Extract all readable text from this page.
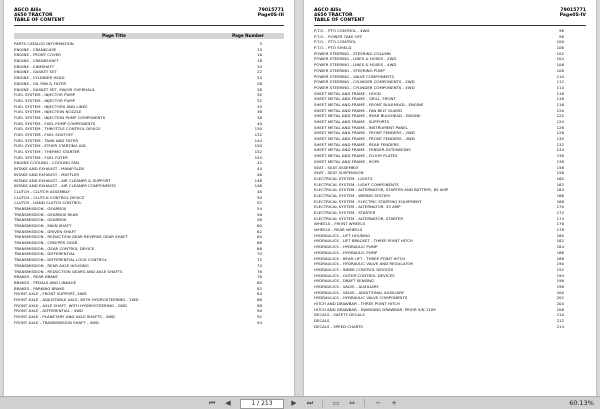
AGCO Allis	79015771
4650 TRACTOR	Page0S-III
TABLE OF CONTENT
Page Title	Page Number
PARTS CATALOG INFORMATION	3
ENGINE - CRANKCASE	14
ENGINE - FRONT COVER	16
ENGINE - CRANKSHAFT	18
ENGINE - CAMSHAFT	20
ENGINE - GASKET SET	22
ENGINE - CYLINDER HEAD	24
ENGINE - OIL PAN & FILTER	26
ENGINE - GASKET SET, MAJOR OVERHAUL	28
FUEL SYSTEM - INJECTOR PUMP	30
FUEL SYSTEM - INJECTOR PUMP	32
FUEL SYSTEM - INJECTORS AND LINES	34
FUEL SYSTEM - INJECTION NOZZLE	36
FUEL SYSTEM - INJECTION PUMP COMPONENTS	38
FUEL SYSTEM - FUEL PUMP COMPONENTS	40
FUEL SYSTEM - THROTTLE CONTROL DEVICE	130
FUEL SYSTEM - FUEL SHUTOFF	132
FUEL SYSTEM - TANK AND FILTER	144
FUEL SYSTEM - ETHER STARTING AID	150
FUEL SYSTEM - THERMO STARTER	152
FUEL SYSTEM - FUEL FILTER	154
ENGINE COOLING - COOLING FAN	42
INTAKE AND EXHAUST - MANIFOLDS	44
INTAKE AND EXHAUST - MUFFLER	46
INTAKE AND EXHAUST - AIR CLEANER & SUPPORT	148
INTAKE AND EXHAUST - AIR CLEANER COMPONENTS	146
CLUTCH - CLUTCH ASSEMBLY	48
CLUTCH - CLUTCH CONTROL DEVICE	50
CLUTCH - HAND CLUTCH CONTROL	52
TRANSMISSION - GEARBOX	54
TRANSMISSION - GEARBOX REAR	56
TRANSMISSION - GEARBOX	58
TRANSMISSION - MAIN SHAFT	60
TRANSMISSION - DRIVEN SHAFT	62
TRANSMISSION - REDUCTION GEAR REVERSE GEAR SHAFT	64
TRANSMISSION - CREEPER GEAR	66
TRANSMISSION - GEAR CONTROL DEVICE	68
TRANSMISSION - DIFFERENTIAL	70
TRANSMISSION - DIFFERENTIAL LOCK CONTROL	72
TRANSMISSION - REAR AXLE HOUSING	74
TRANSMISSION - REDUCTION GEARS AND AXLE SHAFTS	76
BRAKES - REAR BRAKE	78
BRAKES - PEDALS AND LINKAGE	80
BRAKES - PARKING BRAKE	82
FRONT AXLE - FRONT SUPPORT, 4WD	84
FRONT AXLE - ADJUSTABLE AXLE, WITH HYDROSTEERING - 2WD	86
FRONT AXLE - AXLE SHAFT, WITH HYDROSTEERING - 2WD	88
FRONT AXLE - DIFFERENTIAL - 4WD	90
FRONT AXLE - PLANETARY AND AXLE SHAFTS - 4WD	92
FRONT AXLE - TRANSMISSION SHAFT - 4WD	94
AGCO Allis	79015771
4650 TRACTOR	Page0S-IV
TABLE OF CONTENT
P.T.O. - PTO CONTROL - 4WD	96
P.T.O. - POWER TAKE OFF	98
P.T.O. - PTO CONTROL	100
P.T.O. - PTO SHIELD	106
POWER STEERING - STEERING COLUMN	102
POWER STEERING - LINES & HOSES - 2WD	104
POWER STEERING - LINES & HOSES - 4WD	106
POWER STEERING - STEERING PUMP	108
POWER STEERING - VALVE COMPONENTS	110
POWER STEERING - CYLINDER COMPONENTS - 2WD	112
POWER STEERING - CYLINDER COMPONENTS - 4WD	114
SHEET METAL AND FRAME - HOOD	116
SHEET METAL AND FRAME - GRILL, FRONT	118
SHEET METAL AND FRAME - FRONT BULKHEAD - ENGINE	116
SHEET METAL AND FRAME - FAN BELT GUARD	120
SHEET METAL AND FRAME - REAR BULKHEAD - ENGINE	122
SHEET METAL AND FRAME - SUPPORTS	124
SHEET METAL AND FRAME - INSTRUMENT PANEL	126
SHEET METAL AND FRAME - FRONT FENDERS - 2WD	128
SHEET METAL AND FRAME - FRONT FENDERS - 4WD	130
SHEET METAL AND FRAME - REAR FENDERS	132
SHEET METAL AND FRAME - FENDER EXTENSIONS	134
SHEET METAL AND FRAME - FLOOR PLATES	136
SHEET METAL AND FRAME - ROPS	138
SEAT - SEAT ASSEMBLY	156
SEAT - SEAT SUSPENSION	158
ELECTRICAL SYSTEM - LIGHTS	160
ELECTRICAL SYSTEM - LIGHT COMPONENTS	162
ELECTRICAL SYSTEM - ALTERNATOR, STARTER AND BATTERY, 65 AMP	164
ELECTRICAL SYSTEM - WIRING SYSTEM	166
ELECTRICAL SYSTEM - ELECTRIC STARTING EQUIPMENT	168
ELECTRICAL SYSTEM - ALTERNATOR, 35 AMP	170
ELECTRICAL SYSTEM - STARTER	172
ELECTRICAL SYSTEM - ALTERNATOR, STARTER	174
WHEELS - FRONT WHEELS	176
WHEELS - REAR WHEELS	178
HYDRAULICS - LIFT HOUSING	180
HYDRAULICS - LIFT BRACKET - THREE POINT HITCH	182
HYDRAULICS - HYDRAULIC PUMP	184
HYDRAULICS - HYDRAULIC PUMP	186
HYDRAULICS - REAR LIFT - THREE POINT HITCH	188
HYDRAULICS - HYDRAULIC VALVE AND REGULATOR	190
HYDRAULICS - INNER CONTROL DEVICES	192
HYDRAULICS - OUTER CONTROL DEVICES	194
HYDRAULICS - DRAFT SENSING	196
HYDRAULICS - VALVE - AUXILIARY	198
HYDRAULICS - VALVE - ADDITIONAL AUXILIARY	200
HYDRAULICS - HYDRAULIC VALVE COMPONENTS	202
HITCH AND DRAWBAR - THREE POINT HITCH	204
HITCH AND DRAWBAR - SWINGING DRAWBAR, PRIOR S/N 1109	206
DECALS - SAFETY DECALS	210
DECALS	212
DECALS - SPEED CHARTS	214
⏮	◀	1 / 213	▶	⏭	▭	⇔	−	+	60.13%
